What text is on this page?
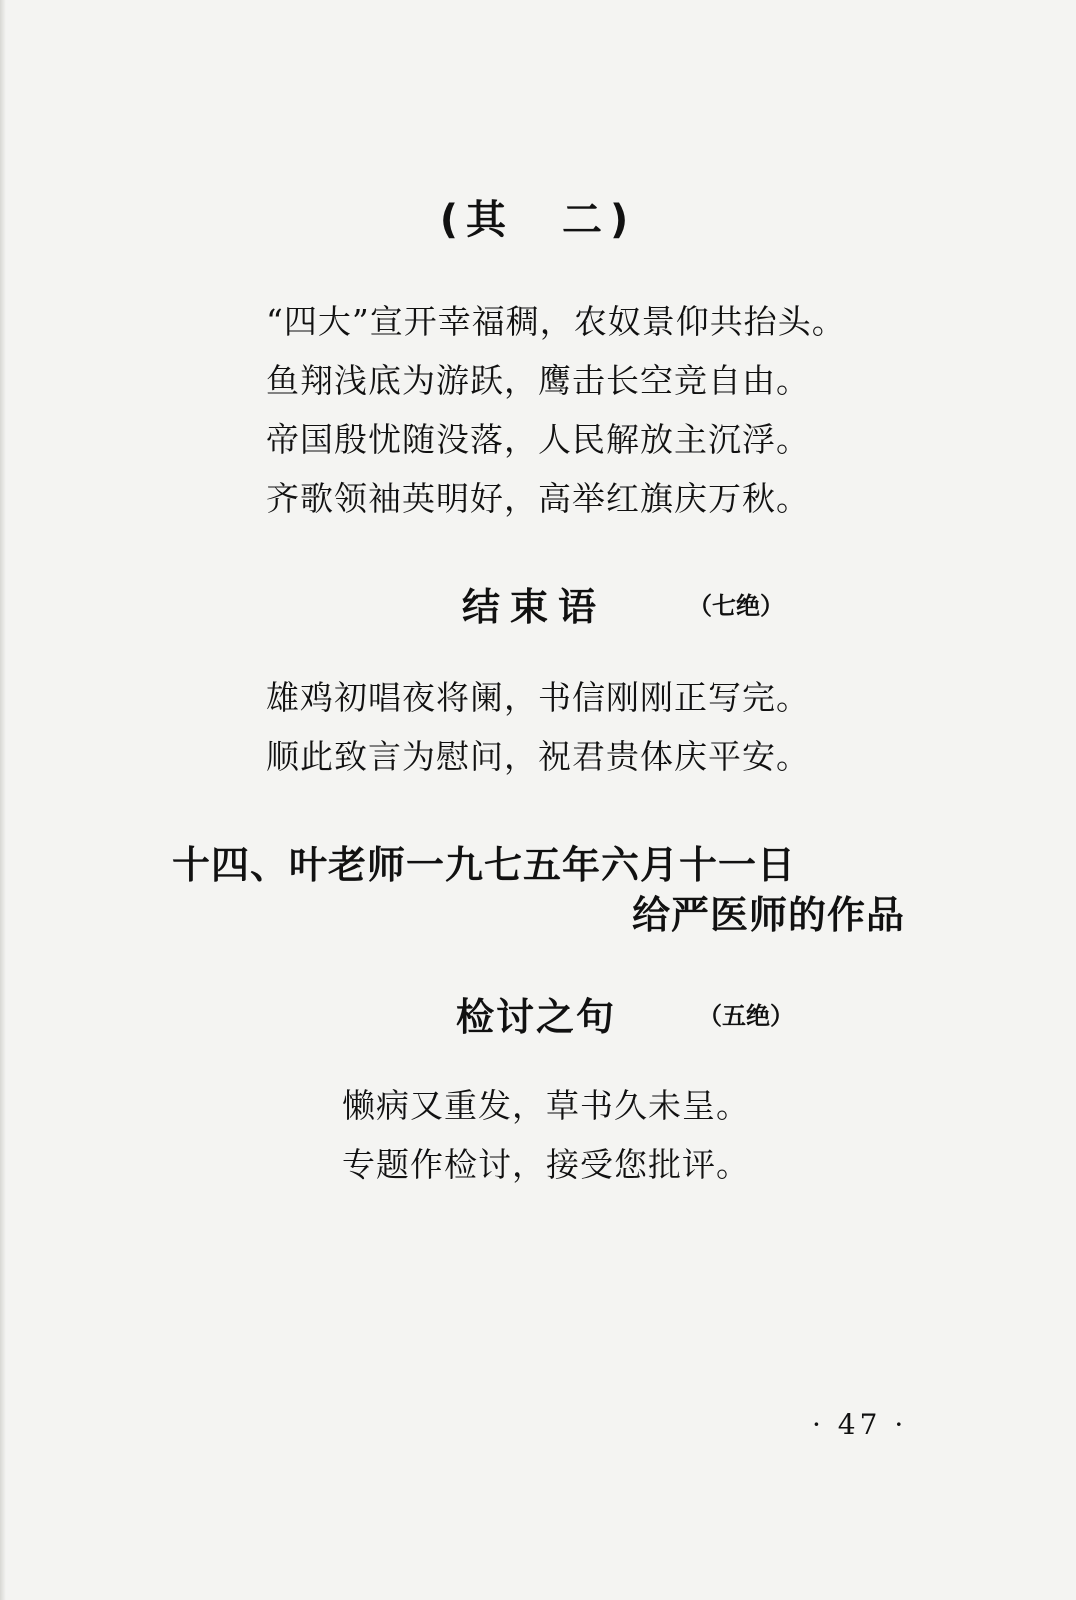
(其　二)
“四大”宣开幸福稠，农奴景仰共抬头。
鱼翔浅底为游跃，鹰击长空竞自由。
帝国殷忧随没落，人民解放主沉浮。
齐歌领袖英明好，高举红旗庆万秋。
结束语	（七绝）
雄鸡初唱夜将阑，书信刚刚正写完。
顺此致言为慰问，祝君贵体庆平安。
十四、叶老师一九七五年六月十一日
给严医师的作品
检讨之句	（五绝）
懒病又重发，草书久未呈。
专题作检讨，接受您批评。
· 47 ·
